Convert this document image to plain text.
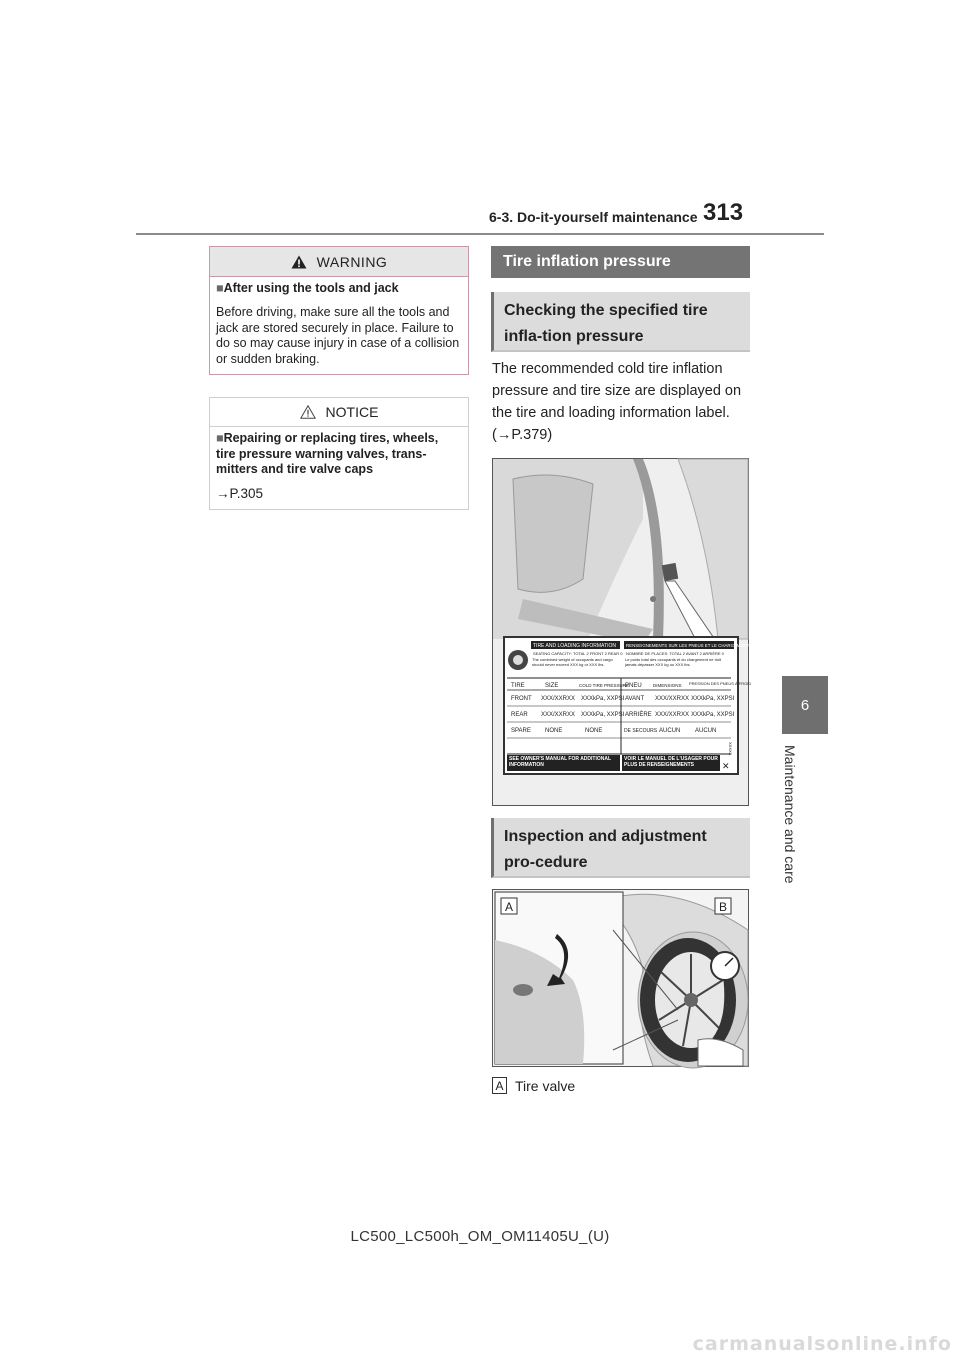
6-3. Do-it-yourself maintenance 313
6
Maintenance and care
WARNING
■After using the tools and jack
Before driving, make sure all the tools and jack are stored securely in place. Failure to do so may cause injury in case of a collision or sudden braking.
NOTICE
■Repairing or replacing tires, wheels, tire pressure warning valves, trans-mitters and tire valve caps
→P.305
Tire inflation pressure
Checking the specified tire infla-tion pressure
The recommended cold tire inflation pressure and tire size are displayed on the tire and loading information label. (→P.379)
TIRE AND LOADING INFORMATION RENSEIGNEMENTS SUR LES PNEUS ET LE CHARGEMENT
SEATING CAPACITY: TOTAL 2 FRONT 2 REAR 0 NOMBRE DE PLACES: TOTAL 2 AVANT 2 ARRIÈRE 0
The combined weight of occupants and cargo should never exceed XXX kg or XXX lbs.
Le poids total des occupants et du chargement ne doit jamais dépasser XXX kg ou XXX lbs.
TIRE	SIZE	COLD TIRE PRESSURE
PNEU	DIMENSIONS PRESSION DES PNEUS À FROID
FRONT XXX/XXRXX XXXkPa, XXPSI
REAR XXX/XXRXX XXXkPa, XXPSI
SPARE NONE	NONE
AVANT XXX/XXRXX XXXkPa, XXPSI
ARRIÈRE XXX/XXRXX XXXkPa, XXPSI
DE SECOURS AUCUN AUCUN
SEE OWNER'S MANUAL FOR ADDITIONAL INFORMATION
VOIR LE MANUEL DE L'USAGER POUR PLUS DE RENSEIGNEMENTS
XXXXX
✕
Inspection and adjustment pro-cedure
A	B
A Tire valve
LC500_LC500h_OM_OM11405U_(U)
carmanualsonline.info
